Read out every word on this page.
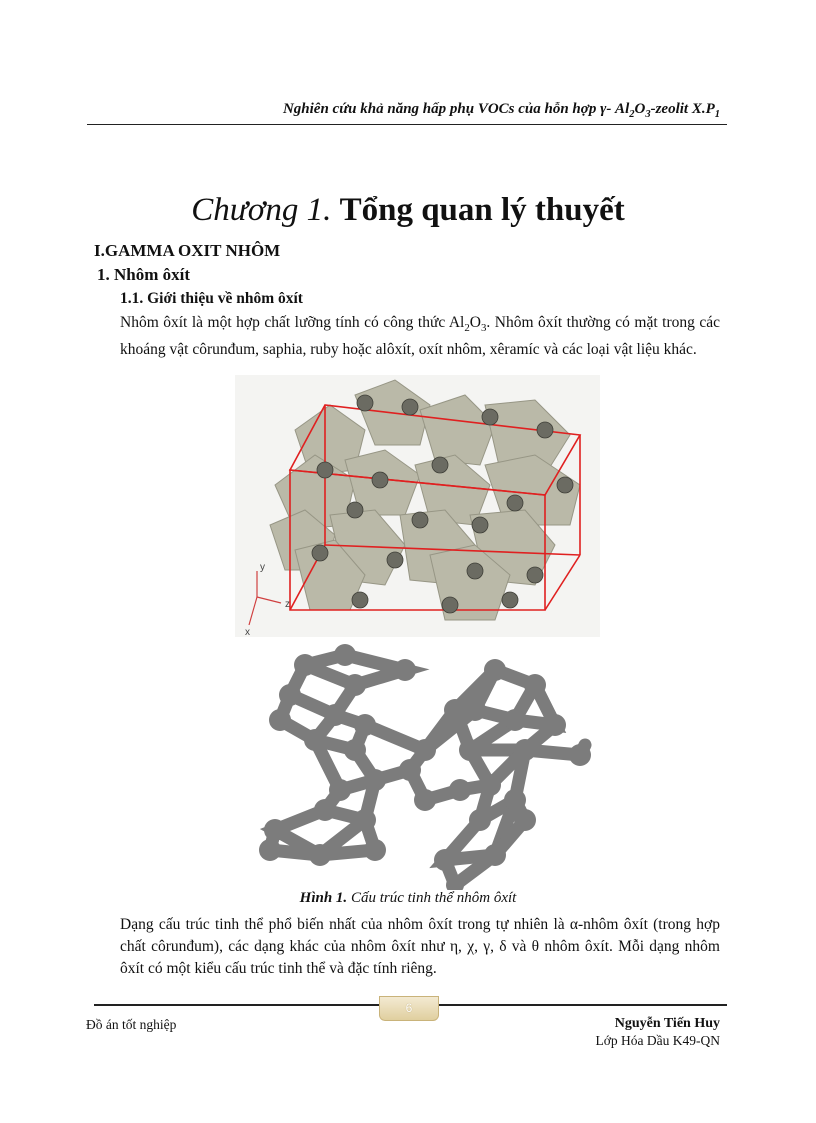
Nghiên cứu khả năng hấp phụ VOCs của hỗn hợp γ- $Al_2O_3$-zeolit $X.P_1$
Chương 1. Tổng quan lý thuyết
I.GAMMA OXIT NHÔM
1. Nhôm ôxít
1.1. Giới thiệu về nhôm ôxít
Nhôm ôxít là một hợp chất lưỡng tính có công thức $Al_2O_3$. Nhôm ôxít thường có mặt trong các khoáng vật côrunđum, saphia, ruby hoặc alôxít, oxít nhôm, xêramíc và các loại vật liệu khác.
y
z
x
Hình 1. Cấu trúc tinh thể nhôm ôxít
Dạng cấu trúc tinh thể phổ biến nhất của nhôm ôxít trong tự nhiên là α-nhôm ôxít (trong hợp chất côrunđum), các dạng khác của nhôm ôxít như η, χ, γ, δ và θ nhôm ôxít. Mỗi dạng nhôm ôxít có một kiểu cấu trúc tinh thể và đặc tính riêng.
6
Đồ án tốt nghiệp	Nguyễn Tiến Huy
Lớp Hóa Dầu K49-QN
